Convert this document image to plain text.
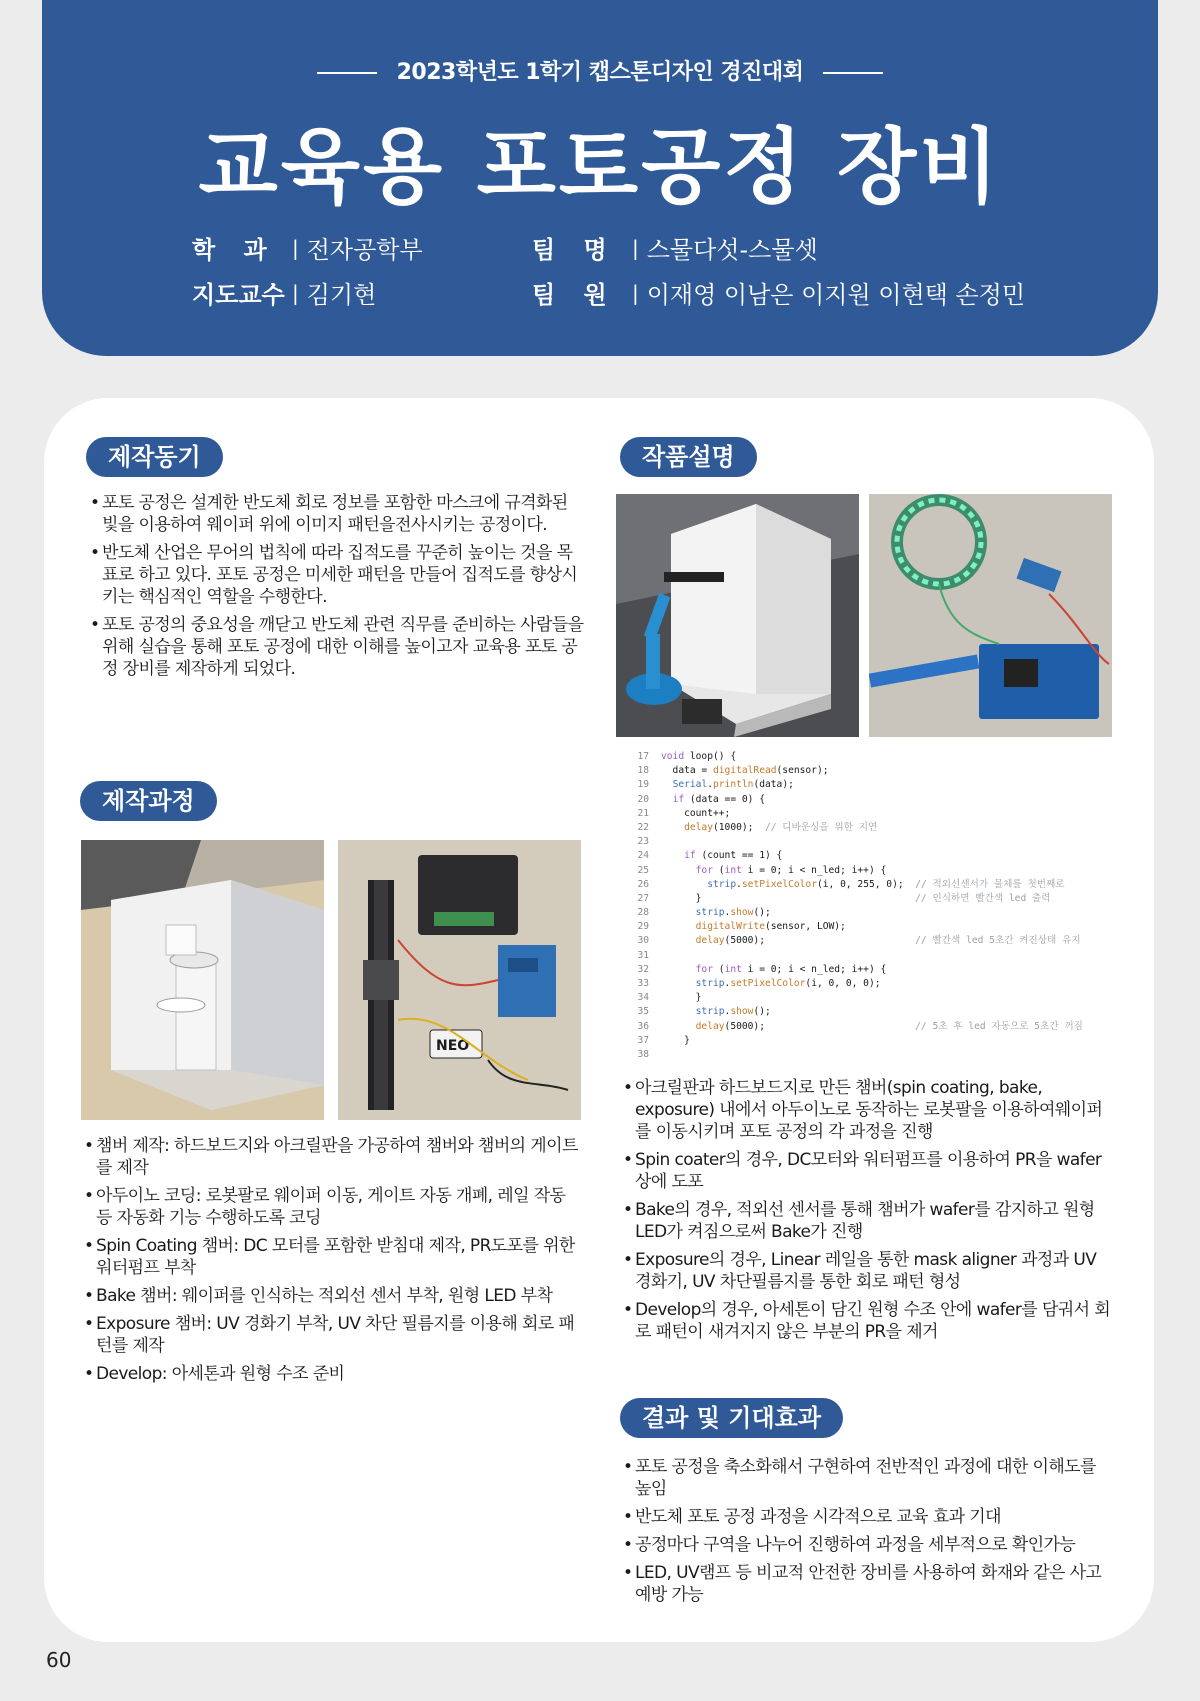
2023학년도 1학기 캡스톤디자인 경진대회
교육용 포토공정 장비
학 과 | 전자공학부
지도교수 | 김기현
팀 명 | 스물다섯-스물셋
팀 원 | 이재영 이남은 이지원 이현택 손정민
제작동기
• 포토 공정은 설계한 반도체 회로 정보를 포함한 마스크에 규격화된 빛을 이용하여 웨이퍼 위에 이미지 패턴을전사시키는 공정이다.
• 반도체 산업은 무어의 법칙에 따라 집적도를 꾸준히 높이는 것을 목표로 하고 있다. 포토 공정은 미세한 패턴을 만들어 집적도를 향상시키는 핵심적인 역할을 수행한다.
• 포토 공정의 중요성을 깨닫고 반도체 관련 직무를 준비하는 사람들을 위해 실습을 통해 포토 공정에 대한 이해를 높이고자 교육용 포토 공정 장비를 제작하게 되었다.
제작과정
NEO
• 챔버 제작: 하드보드지와 아크릴판을 가공하여 챔버와 챔버의 게이트를 제작
• 아두이노 코딩: 로봇팔로 웨이퍼 이동, 게이트 자동 개폐, 레일 작동 등 자동화 기능 수행하도록 코딩
• Spin Coating 챔버: DC 모터를 포함한 받침대 제작, PR도포를 위한 워터펌프 부착
• Bake 챔버: 웨이퍼를 인식하는 적외선 센서 부착, 원형 LED 부착
• Exposure 챔버: UV 경화기 부착, UV 차단 필름지를 이용해 회로 패턴를 제작
• Develop: 아세톤과 원형 수조 준비
작품설명
17 void loop() {
18  data = digitalRead(sensor);
19 Serial.println(data);
20 if (data == 0) {
21    count++;
22	delay(1000);  // 디바운싱을 위한 지연
23
24	if (count == 1) {
25	for (int i = 0; i < n_led; i++) {
26	strip.setPixelColor(i, 0, 255, 0);  // 적외선센서가 물체를 첫번째로
27      }                                     // 인식하면 빨간색 led 출력
28	strip.show();
29	digitalWrite(sensor, LOW);
30	delay(5000);                          // 빨간색 led 5초간 켜진상태 유지
31
32	for (int i = 0; i < n_led; i++) {
33	strip.setPixelColor(i, 0, 0, 0);
34      }
35	strip.show();
36	delay(5000);                          // 5초 후 led 자동으로 5초간 꺼짐
37    }
38
• 아크릴판과 하드보드지로 만든 챔버(spin coating, bake, exposure) 내에서 아두이노로 동작하는 로봇팔을 이용하여웨이퍼를 이동시키며 포토 공정의 각 과정을 진행
• Spin coater의 경우, DC모터와 워터펌프를 이용하여 PR을 wafer 상에 도포
• Bake의 경우, 적외선 센서를 통해 챔버가 wafer를 감지하고 원형 LED가 켜짐으로써 Bake가 진행
• Exposure의 경우, Linear 레일을 통한 mask aligner 과정과 UV 경화기, UV 차단필름지를 통한 회로 패턴 형성
• Develop의 경우, 아세톤이 담긴 원형 수조 안에 wafer를 담궈서 회로 패턴이 새겨지지 않은 부분의 PR을 제거
결과 및 기대효과
• 포토 공정을 축소화해서 구현하여 전반적인 과정에 대한 이해도를 높임
• 반도체 포토 공정 과정을 시각적으로 교육 효과 기대
• 공정마다 구역을 나누어 진행하여 과정을 세부적으로 확인가능
• LED, UV램프 등 비교적 안전한 장비를 사용하여 화재와 같은 사고 예방 가능
60
